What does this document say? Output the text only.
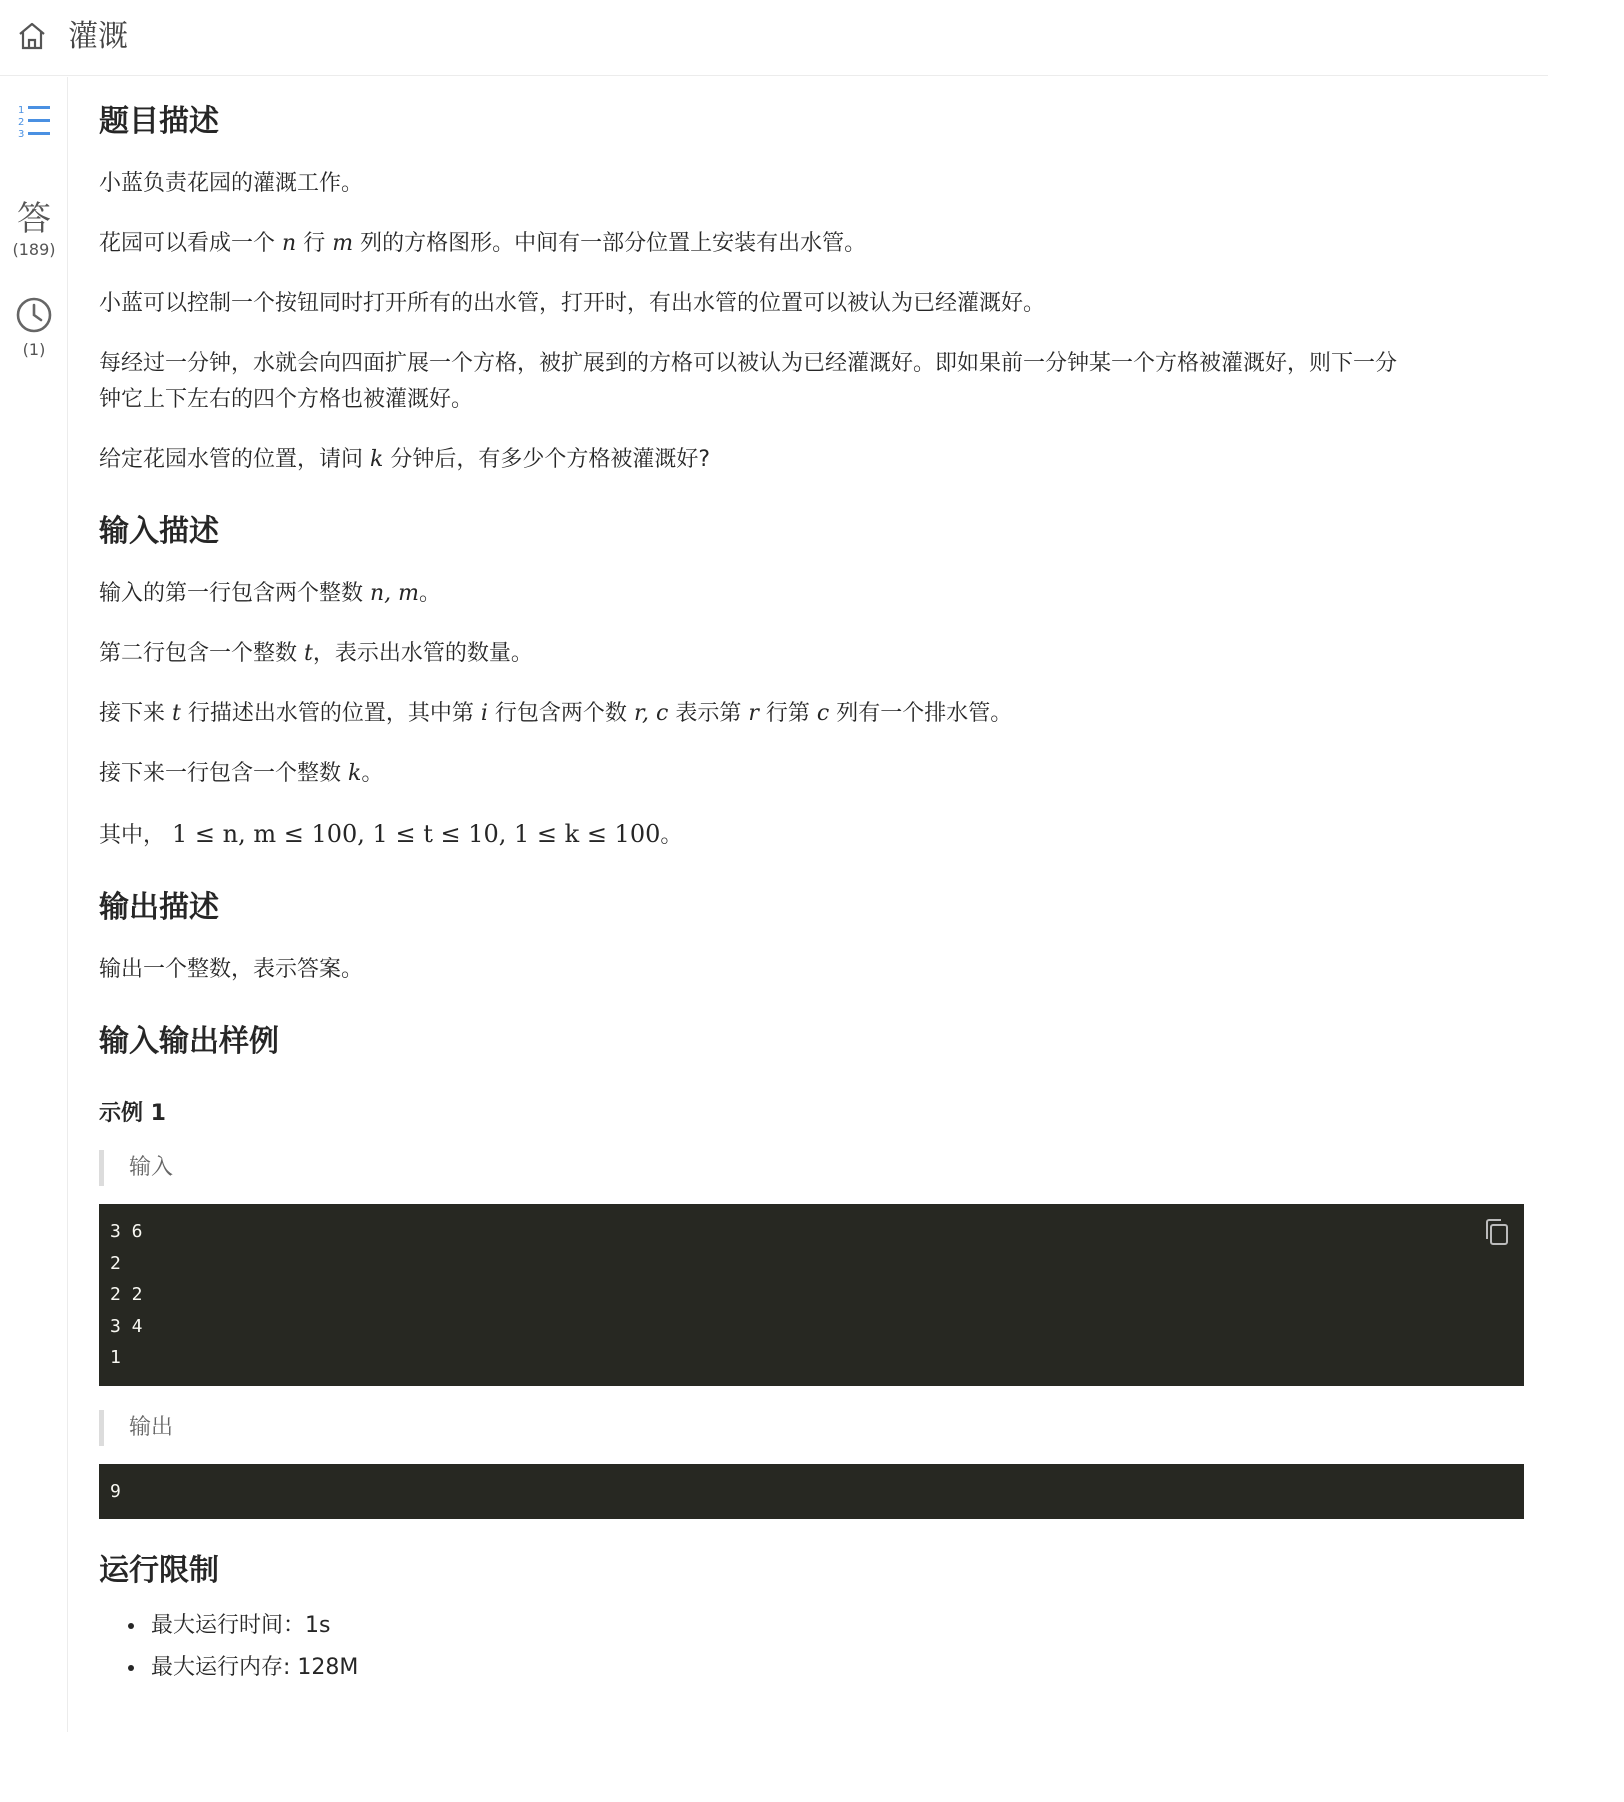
灌溉
1
2
3
答
(189)
(1)
题目描述

小蓝负责花园的灌溉工作。

花园可以看成一个 n 行 m 列的方格图形。中间有一部分位置上安装有出水管。

小蓝可以控制一个按钮同时打开所有的出水管，打开时，有出水管的位置可以被认为已经灌溉好。

每经过一分钟，水就会向四面扩展一个方格，被扩展到的方格可以被认为已经灌溉好。即如果前一分钟某一个方格被灌溉好，则下一分
钟它上下左右的四个方格也被灌溉好。

给定花园水管的位置，请问 k 分钟后，有多少个方格被灌溉好?

输入描述

输入的第一行包含两个整数 n, m。

第二行包含一个整数 t，表示出水管的数量。

接下来 t 行描述出水管的位置，其中第 i 行包含两个数 r, c 表示第 r 行第 c 列有一个排水管。

接下来一行包含一个整数 k。

其中， 1 ≤ n, m ≤ 100, 1 ≤ t ≤ 10, 1 ≤ k ≤ 100。

输出描述

输出一个整数，表示答案。

输入输出样例
示例 1
输入
3 6
2
2 2
3 4
1
输出
9
运行限制
• 最大运行时间：1s
• 最大运行内存: 128M
